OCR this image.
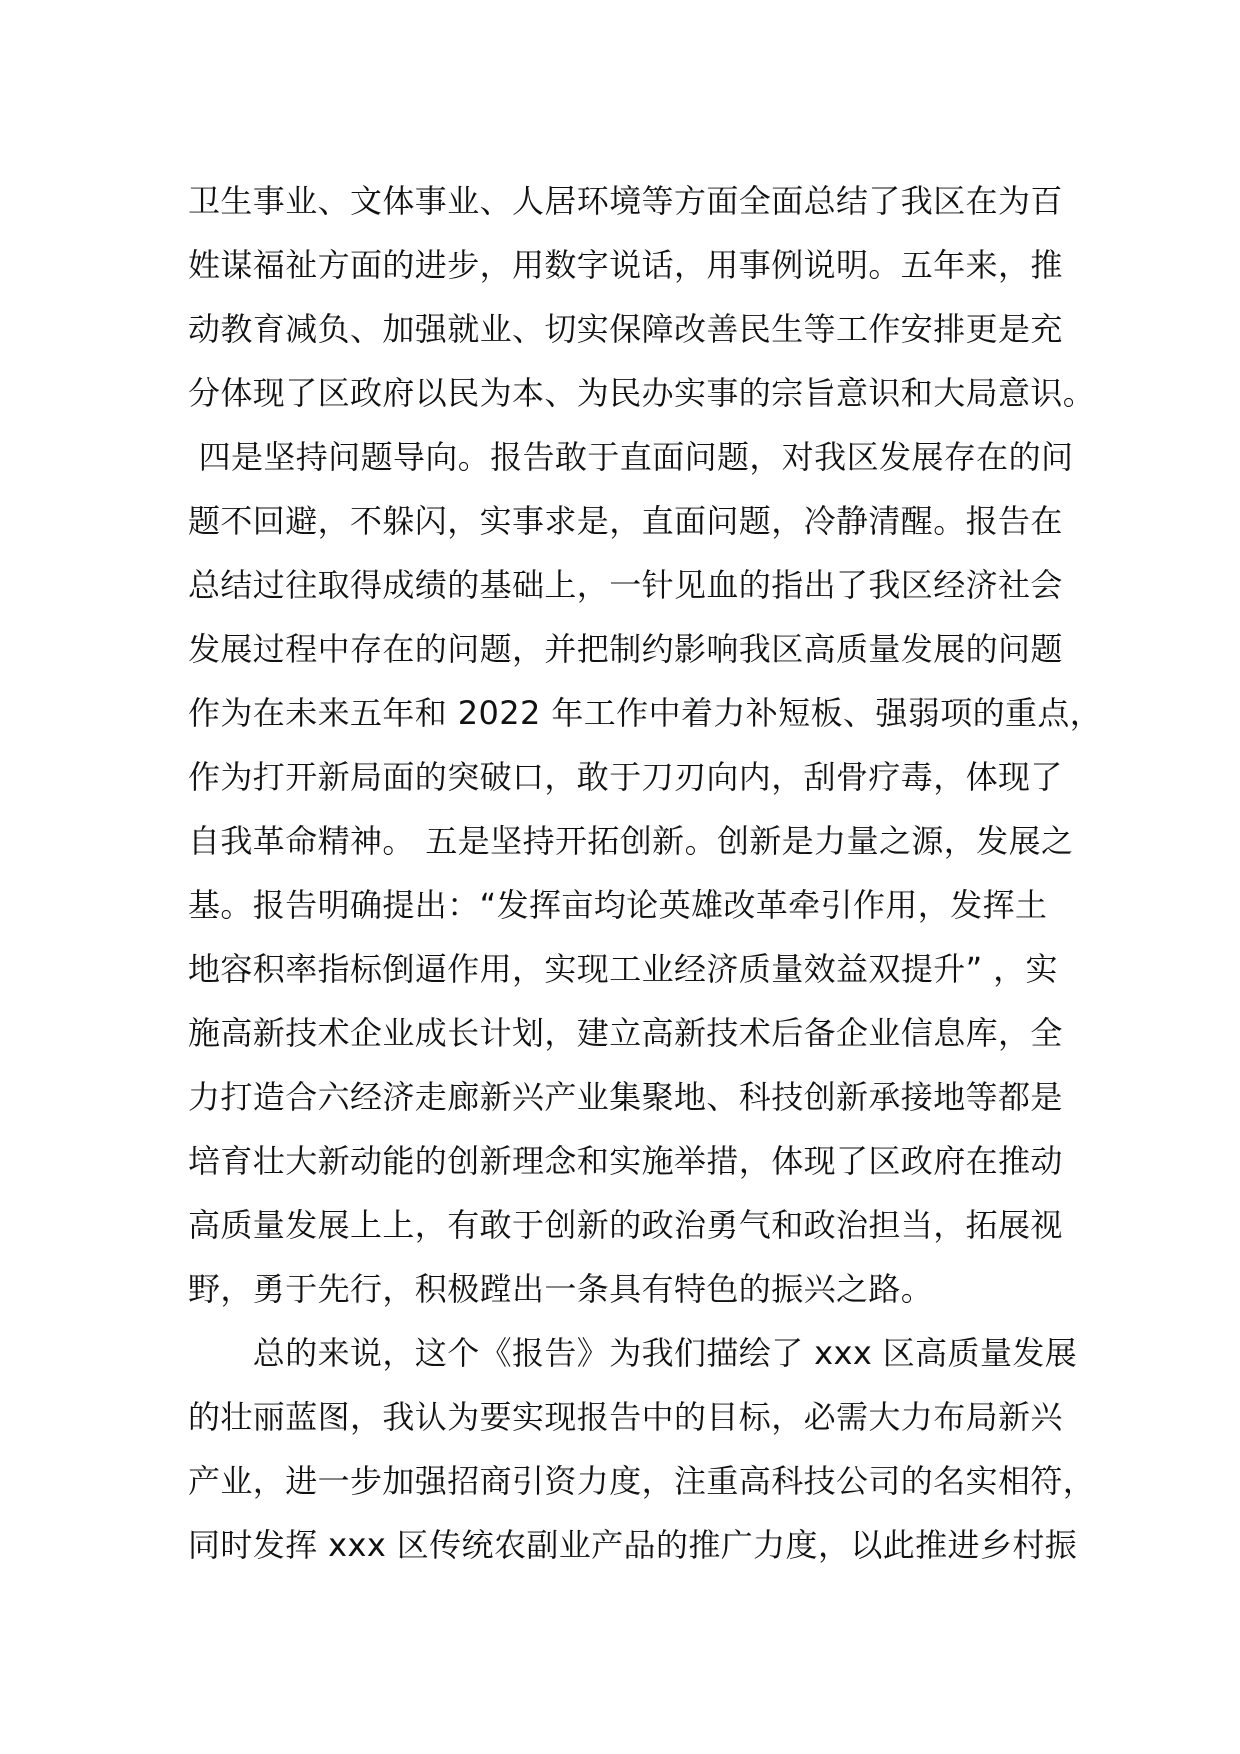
卫生事业、文体事业、人居环境等方面全面总结了我区在为百
姓谋福祉方面的进步，用数字说话，用事例说明。五年来，推
动教育减负、加强就业、切实保障改善民生等工作安排更是充
分体现了区政府以民为本、为民办实事的宗旨意识和大局意识。
四是坚持问题导向。报告敢于直面问题，对我区发展存在的问
题不回避，不躲闪，实事求是，直面问题，冷静清醒。报告在
总结过往取得成绩的基础上，一针见血的指出了我区经济社会
发展过程中存在的问题，并把制约影响我区高质量发展的问题
作为在未来五年和 2022 年工作中着力补短板、强弱项的重点，
作为打开新局面的突破口，敢于刀刃向内，刮骨疗毒，体现了
自我革命精神。 五是坚持开拓创新。创新是力量之源，发展之
基。报告明确提出：“发挥亩均论英雄改革牵引作用，发挥土
地容积率指标倒逼作用，实现工业经济质量效益双提升” ，实
施高新技术企业成长计划，建立高新技术后备企业信息库，全
力打造合六经济走廊新兴产业集聚地、科技创新承接地等都是
培育壮大新动能的创新理念和实施举措，体现了区政府在推动
高质量发展上上，有敢于创新的政治勇气和政治担当，拓展视
野，勇于先行，积极蹚出一条具有特色的振兴之路。
　　总的来说，这个《报告》为我们描绘了 xxx 区高质量发展
的壮丽蓝图，我认为要实现报告中的目标，必需大力布局新兴
产业，进一步加强招商引资力度，注重高科技公司的名实相符，
同时发挥 xxx 区传统农副业产品的推广力度，以此推进乡村振
